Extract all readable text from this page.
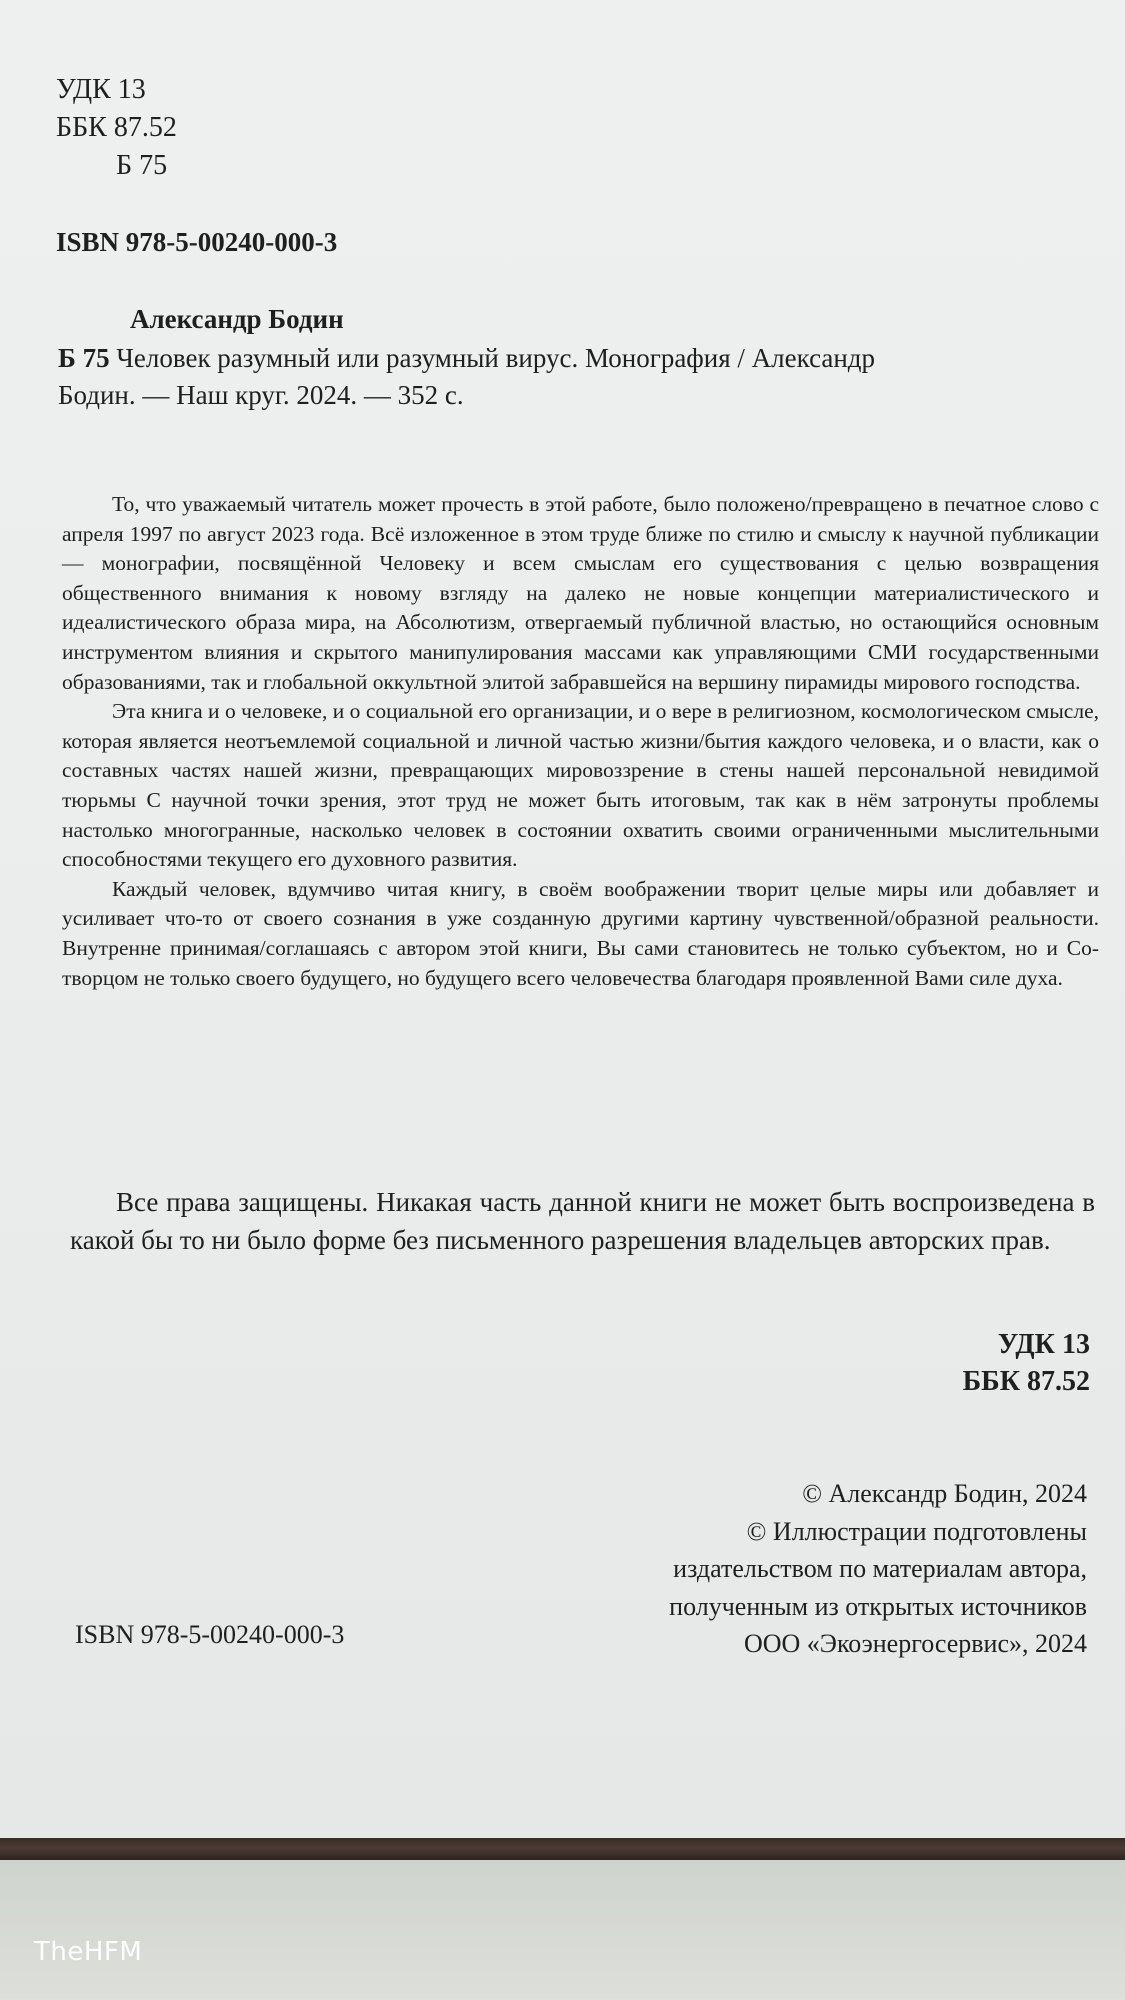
УДК 13
ББК 87.52
Б 75
ISBN 978-5-00240-000-3
Александр Бодин
Б 75 Человек разумный или разумный вирус. Монография / Александр
Бодин. — Наш круг. 2024. — 352 с.

То, что уважаемый читатель может прочесть в этой работе, было положено/превращено в печатное слово с апреля 1997 по август 2023 года. Всё изложенное в этом труде ближе по стилю и смыслу к научной публикации — монографии, посвящённой Человеку и всем смыслам его существования с целью возвращения общественного внимания к новому взгляду на далеко не новые концепции материалистического и идеалистического образа мира, на Абсолютизм, отвергаемый публичной властью, но остающийся основным инструментом влияния и скрытого манипулирования массами как управляющими СМИ государственными образованиями, так и глобальной оккультной элитой забравшейся на вершину пирамиды мирового господства.

Эта книга и о человеке, и о социальной его организации, и о вере в религиозном, космологическом смысле, которая является неотъемлемой социальной и личной частью жизни/бытия каждого человека, и о власти, как о составных частях нашей жизни, превращающих мировоззрение в стены нашей персональной невидимой тюрьмы С научной точки зрения, этот труд не может быть итоговым, так как в нём затронуты проблемы настолько многогранные, насколько человек в состоянии охватить своими ограниченными мыслительными способностями текущего его духовного развития.

Каждый человек, вдумчиво читая книгу, в своём воображении творит целые миры или добавляет и усиливает что-то от своего сознания в уже созданную другими картину чувственной/образной реальности. Внутренне принимая/соглашаясь с автором этой книги, Вы сами становитесь не только субъектом, но и Со-творцом не только своего будущего, но будущего всего человечества благодаря проявленной Вами силе духа.

Все права защищены. Никакая часть данной книги не может быть воспроизведена в какой бы то ни было форме без письменного разрешения владельцев авторских прав.
УДК 13
ББК 87.52
© Александр Бодин, 2024
© Иллюстрации подготовлены
издательством по материалам автора,
полученным из открытых источников
ООО «Экоэнергосервис», 2024
ISBN 978-5-00240-000-3
TheHFM
